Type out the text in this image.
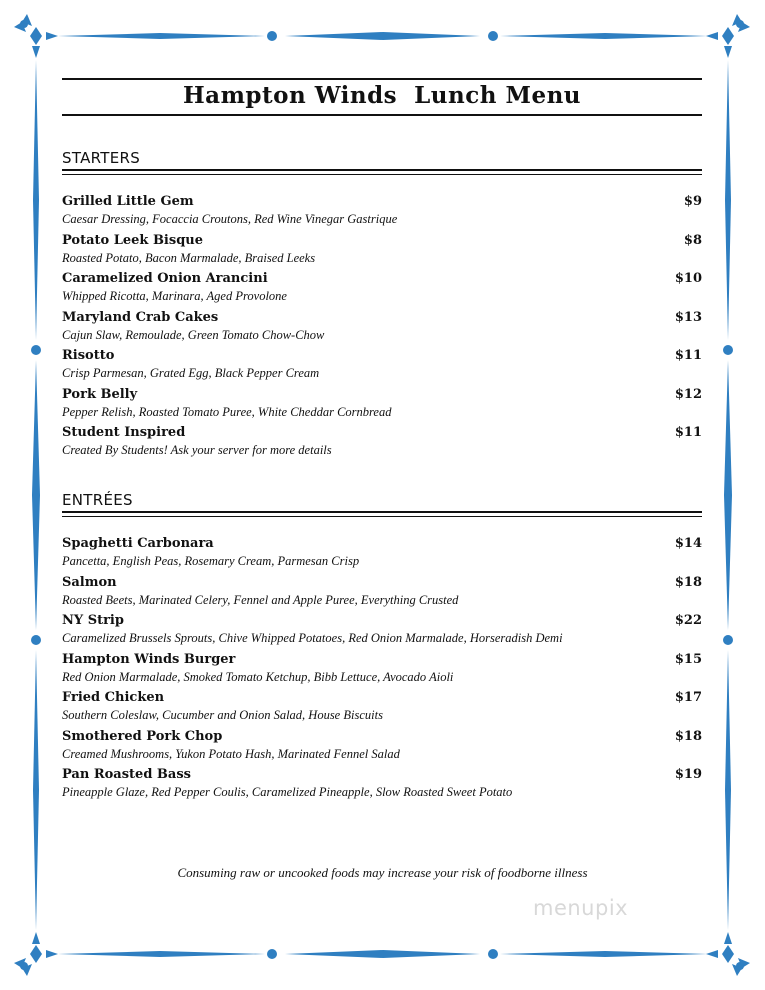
Hampton Winds  Lunch Menu
STARTERS
Grilled Little Gem	$9
Caesar Dressing, Focaccia Croutons, Red Wine Vinegar Gastrique
Potato Leek Bisque	$8
Roasted Potato, Bacon Marmalade, Braised Leeks
Caramelized Onion Arancini	$10
Whipped Ricotta, Marinara, Aged Provolone
Maryland Crab Cakes	$13
Cajun Slaw, Remoulade, Green Tomato Chow-Chow
Risotto	$11
Crisp Parmesan, Grated Egg, Black Pepper Cream
Pork Belly	$12
Pepper Relish, Roasted Tomato Puree, White Cheddar Cornbread
Student Inspired	$11
Created By Students! Ask your server for more details
ENTRÉES
Spaghetti Carbonara	$14
Pancetta, English Peas, Rosemary Cream, Parmesan Crisp
Salmon	$18
Roasted Beets, Marinated Celery, Fennel and Apple Puree, Everything Crusted
NY Strip	$22
Caramelized Brussels Sprouts, Chive Whipped Potatoes, Red Onion Marmalade, Horseradish Demi
Hampton Winds Burger	$15
Red Onion Marmalade, Smoked Tomato Ketchup, Bibb Lettuce, Avocado Aioli
Fried Chicken	$17
Southern Coleslaw, Cucumber and Onion Salad, House Biscuits
Smothered Pork Chop	$18
Creamed Mushrooms, Yukon Potato Hash, Marinated Fennel Salad
Pan Roasted Bass	$19
Pineapple Glaze, Red Pepper Coulis, Caramelized Pineapple, Slow Roasted Sweet Potato
Consuming raw or uncooked foods may increase your risk of foodborne illness
menupix
